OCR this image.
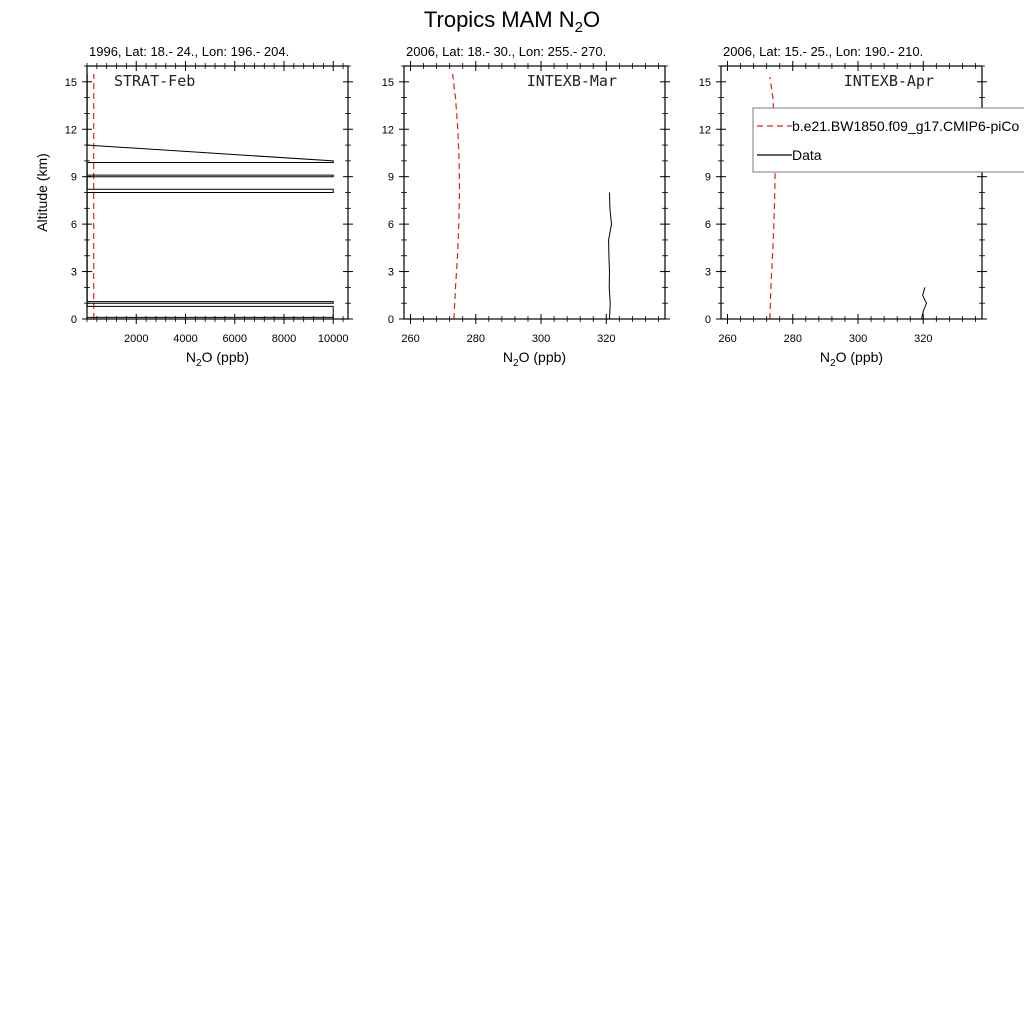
Tropics MAM $N_2O$
1996, Lat: 18.- 24., Lon: 196.- 204.
0
3
6
9
12
15
2000 4000 6000 8000 10000
STRAT-Feb
$N_2O$ (ppb)
Altitude (km)
2006, Lat: 18.- 30., Lon: 255.- 270.
0
3
6
9
12
15
260	280	300	320
INTEXB-Mar
$N_2O$ (ppb)
2006, Lat: 15.- 25., Lon: 190.- 210.
0
3
6
9
12
15
260	280	300	320
INTEXB-Apr
$N_2O$ (ppb)
b.e21.BW1850.f09_g17.CMIP6-piCo
Data
